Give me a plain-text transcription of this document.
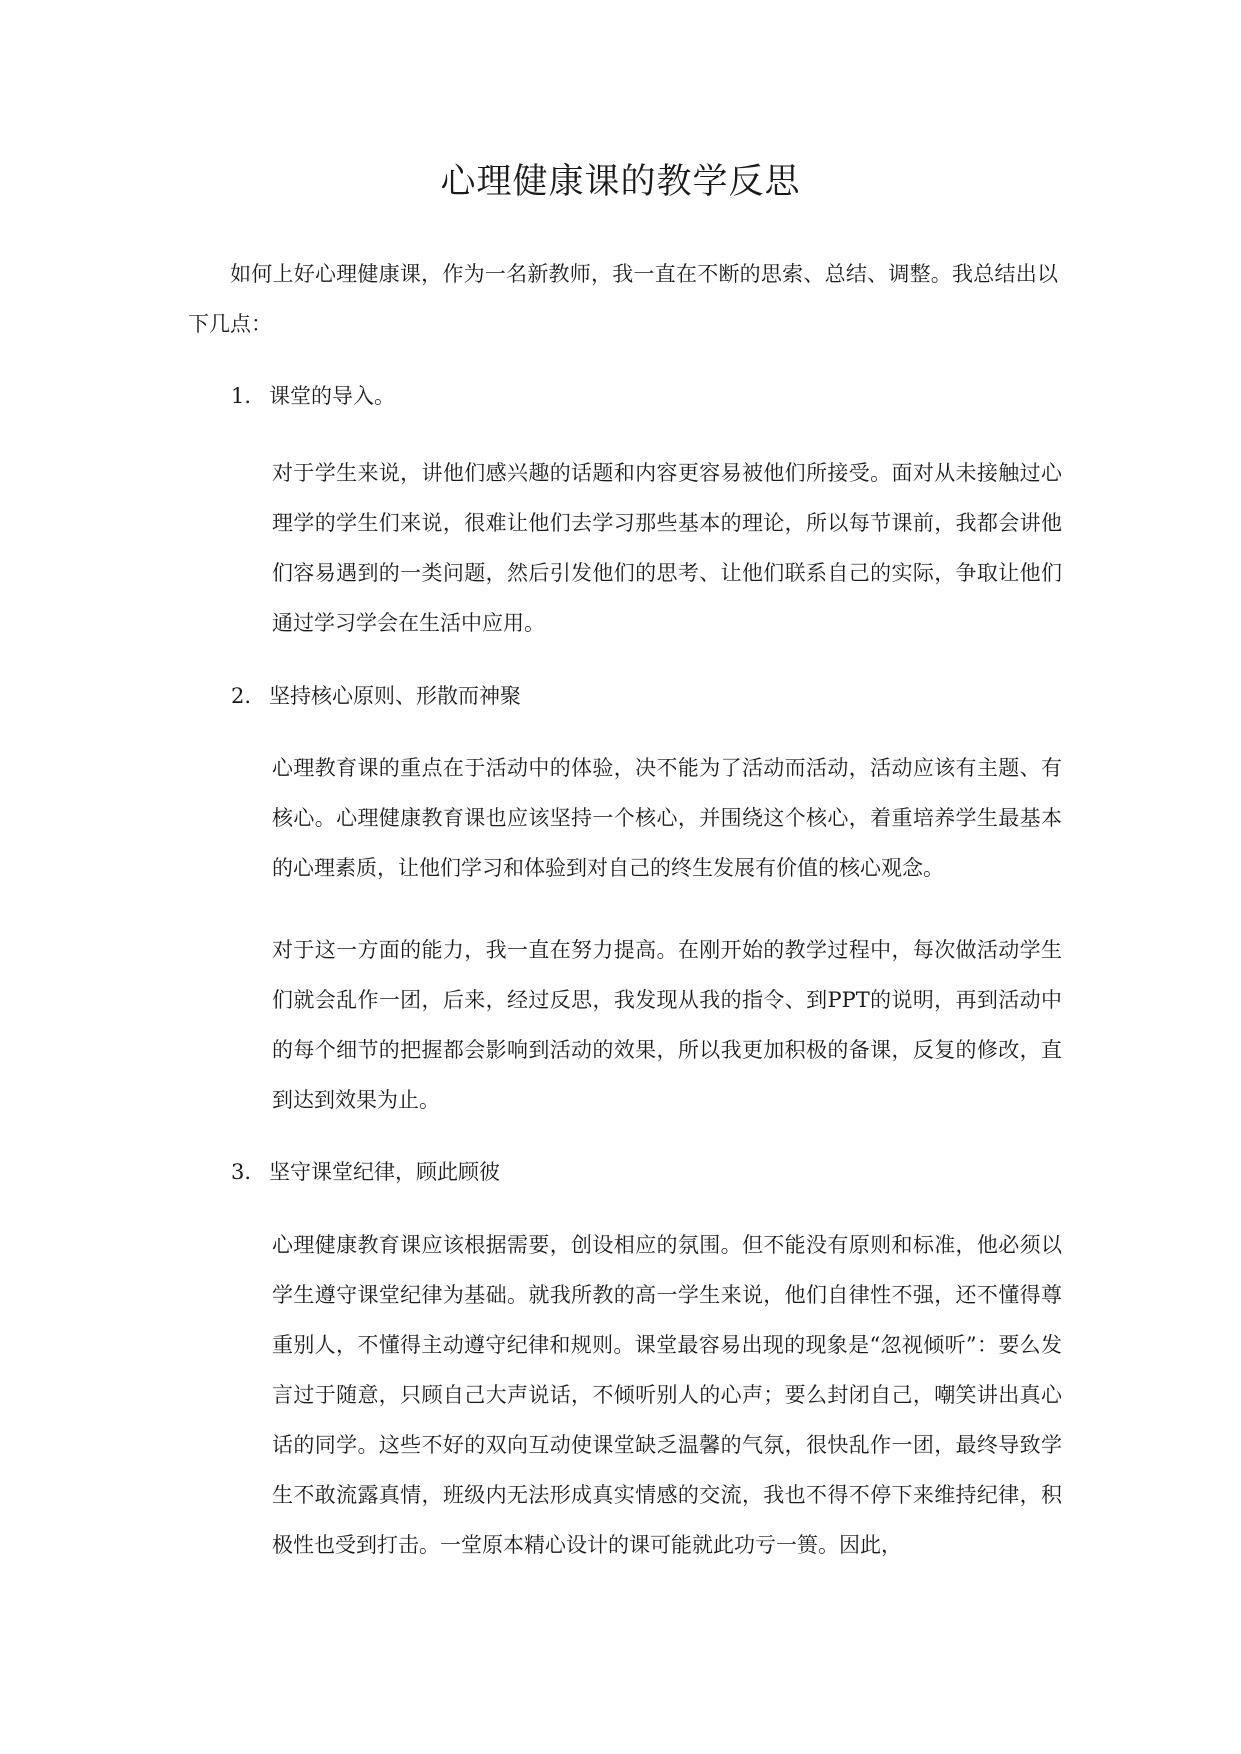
心理健康课的教学反思
如何上好心理健康课，作为一名新教师，我一直在不断的思索、总结、调整。我总结出以下几点：
1. 课堂的导入。
对于学生来说，讲他们感兴趣的话题和内容更容易被他们所接受。面对从未接触过心理学的学生们来说，很难让他们去学习那些基本的理论，所以每节课前，我都会讲他们容易遇到的一类问题，然后引发他们的思考、让他们联系自己的实际，争取让他们通过学习学会在生活中应用。
2. 坚持核心原则、形散而神聚
心理教育课的重点在于活动中的体验，决不能为了活动而活动，活动应该有主题、有核心。心理健康教育课也应该坚持一个核心，并围绕这个核心，着重培养学生最基本的心理素质，让他们学习和体验到对自己的终生发展有价值的核心观念。
对于这一方面的能力，我一直在努力提高。在刚开始的教学过程中，每次做活动学生们就会乱作一团，后来，经过反思，我发现从我的指令、到PPT的说明，再到活动中的每个细节的把握都会影响到活动的效果，所以我更加积极的备课，反复的修改，直到达到效果为止。
3. 坚守课堂纪律，顾此顾彼
心理健康教育课应该根据需要，创设相应的氛围。但不能没有原则和标准，他必须以学生遵守课堂纪律为基础。就我所教的高一学生来说，他们自律性不强，还不懂得尊重别人，不懂得主动遵守纪律和规则。课堂最容易出现的现象是“忽视倾听”：要么发言过于随意，只顾自己大声说话，不倾听别人的心声；要么封闭自己，嘲笑讲出真心话的同学。这些不好的双向互动使课堂缺乏温馨的气氛，很快乱作一团，最终导致学生不敢流露真情，班级内无法形成真实情感的交流，我也不得不停下来维持纪律，积极性也受到打击。一堂原本精心设计的课可能就此功亏一篑。因此，
